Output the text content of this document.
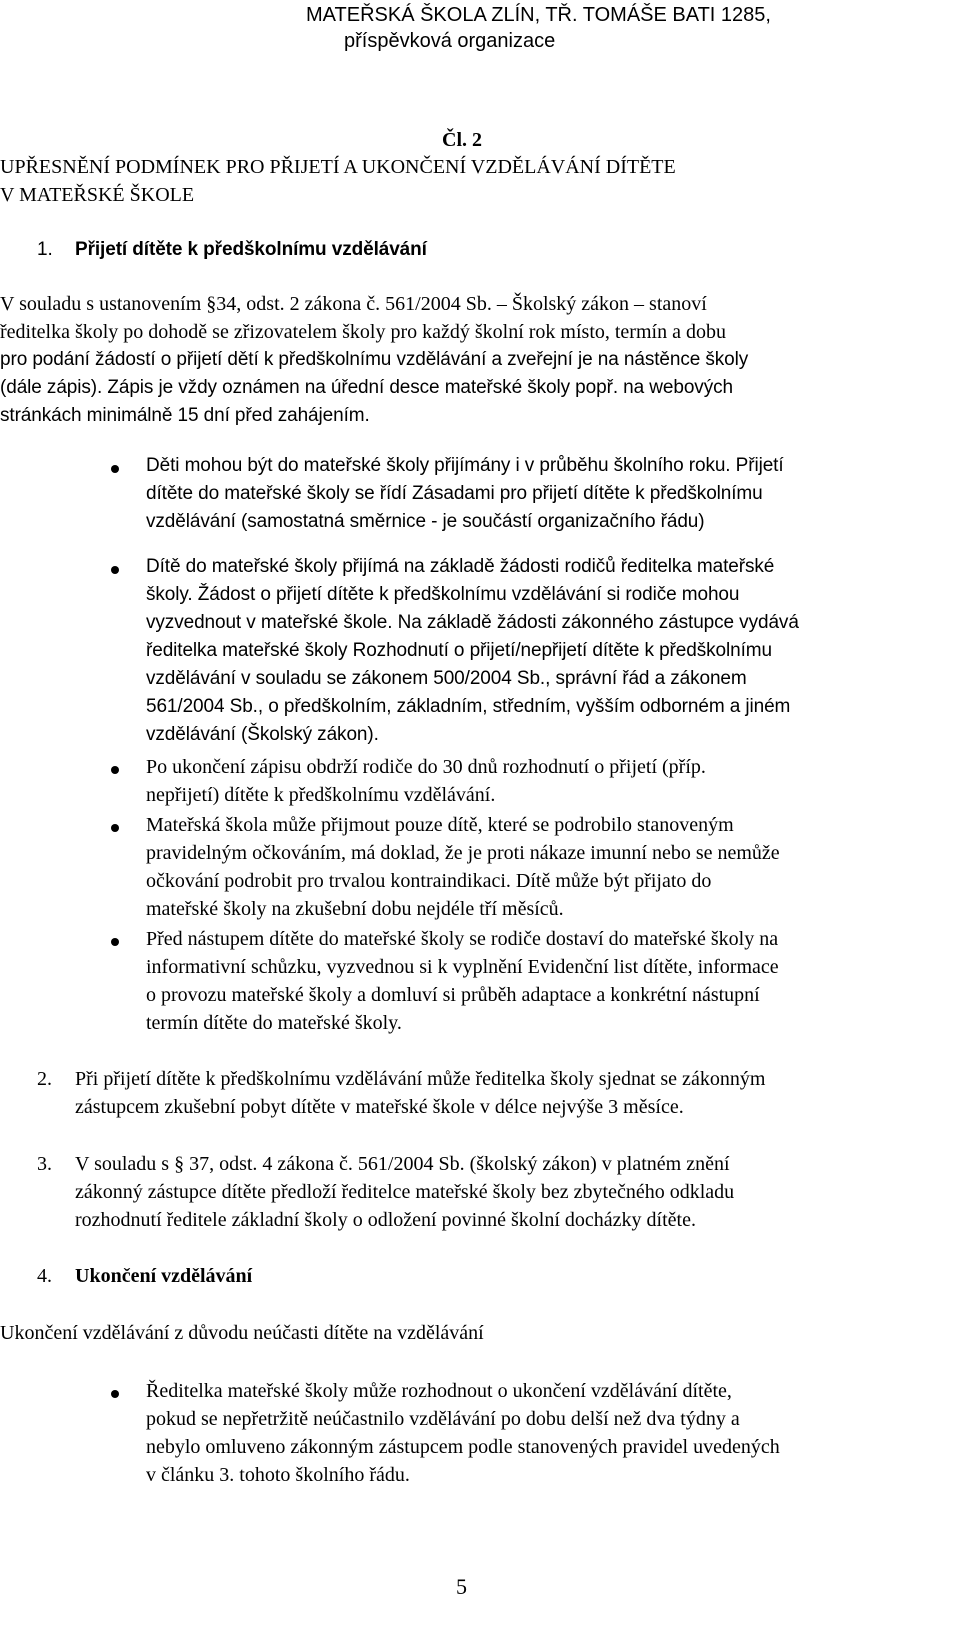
MATEŘSKÁ ŠKOLA ZLÍN, TŘ. TOMÁŠE BATI 1285,
příspěvková organizace
Čl. 2
UPŘESNĚNÍ PODMÍNEK PRO PŘIJETÍ A UKONČENÍ VZDĚLÁVÁNÍ DÍTĚTE
V MATEŘSKÉ ŠKOLE
1. Přijetí dítěte k předškolnímu vzdělávání
V souladu s ustanovením §34, odst. 2 zákona č. 561/2004 Sb. – Školský zákon – stanoví
ředitelka školy po dohodě se zřizovatelem školy pro každý školní rok místo, termín a dobu
pro podání žádostí o přijetí dětí k předškolnímu vzdělávání a zveřejní je na nástěnce školy
(dále zápis). Zápis je vždy oznámen na úřední desce mateřské školy popř. na webových
stránkách minimálně 15 dní před zahájením.
Děti mohou být do mateřské školy přijímány i v průběhu školního roku. Přijetí
dítěte do mateřské školy se řídí Zásadami pro přijetí dítěte k předškolnímu
vzdělávání (samostatná směrnice - je součástí organizačního řádu)
Dítě do mateřské školy přijímá na základě žádosti rodičů ředitelka mateřské
školy. Žádost o přijetí dítěte k předškolnímu vzdělávání si rodiče mohou
vyzvednout v mateřské škole. Na základě žádosti zákonného zástupce vydává
ředitelka mateřské školy Rozhodnutí o přijetí/nepřijetí dítěte k předškolnímu
vzdělávání v souladu se zákonem 500/2004 Sb., správní řád a zákonem
561/2004 Sb., o předškolním, základním, středním, vyšším odborném a jiném
vzdělávání (Školský zákon).
Po ukončení zápisu obdrží rodiče do 30 dnů rozhodnutí o přijetí (příp.
nepřijetí) dítěte k předškolnímu vzdělávání.
Mateřská škola může přijmout pouze dítě, které se podrobilo stanoveným
pravidelným očkováním, má doklad, že je proti nákaze imunní nebo se nemůže
očkování podrobit pro trvalou kontraindikaci. Dítě může být přijato do
mateřské školy na zkušební dobu nejdéle tří měsíců.
Před nástupem dítěte do mateřské školy se rodiče dostaví do mateřské školy na
informativní schůzku, vyzvednou si k vyplnění Evidenční list dítěte, informace
o provozu mateřské školy a domluví si průběh adaptace a konkrétní nástupní
termín dítěte do mateřské školy.
2. Při přijetí dítěte k předškolnímu vzdělávání může ředitelka školy sjednat se zákonným
zástupcem zkušební pobyt dítěte v mateřské škole v délce nejvýše 3 měsíce.
3. V souladu s § 37, odst. 4 zákona č. 561/2004 Sb. (školský zákon) v platném znění
zákonný zástupce dítěte předloží ředitelce mateřské školy bez zbytečného odkladu
rozhodnutí ředitele základní školy o odložení povinné školní docházky dítěte.
4. Ukončení vzdělávání
Ukončení vzdělávání z důvodu neúčasti dítěte na vzdělávání
Ředitelka mateřské školy může rozhodnout o ukončení vzdělávání dítěte,
pokud se nepřetržitě neúčastnilo vzdělávání po dobu delší než dva týdny a
nebylo omluveno zákonným zástupcem podle stanovených pravidel uvedených
v článku 3. tohoto školního řádu.
5
